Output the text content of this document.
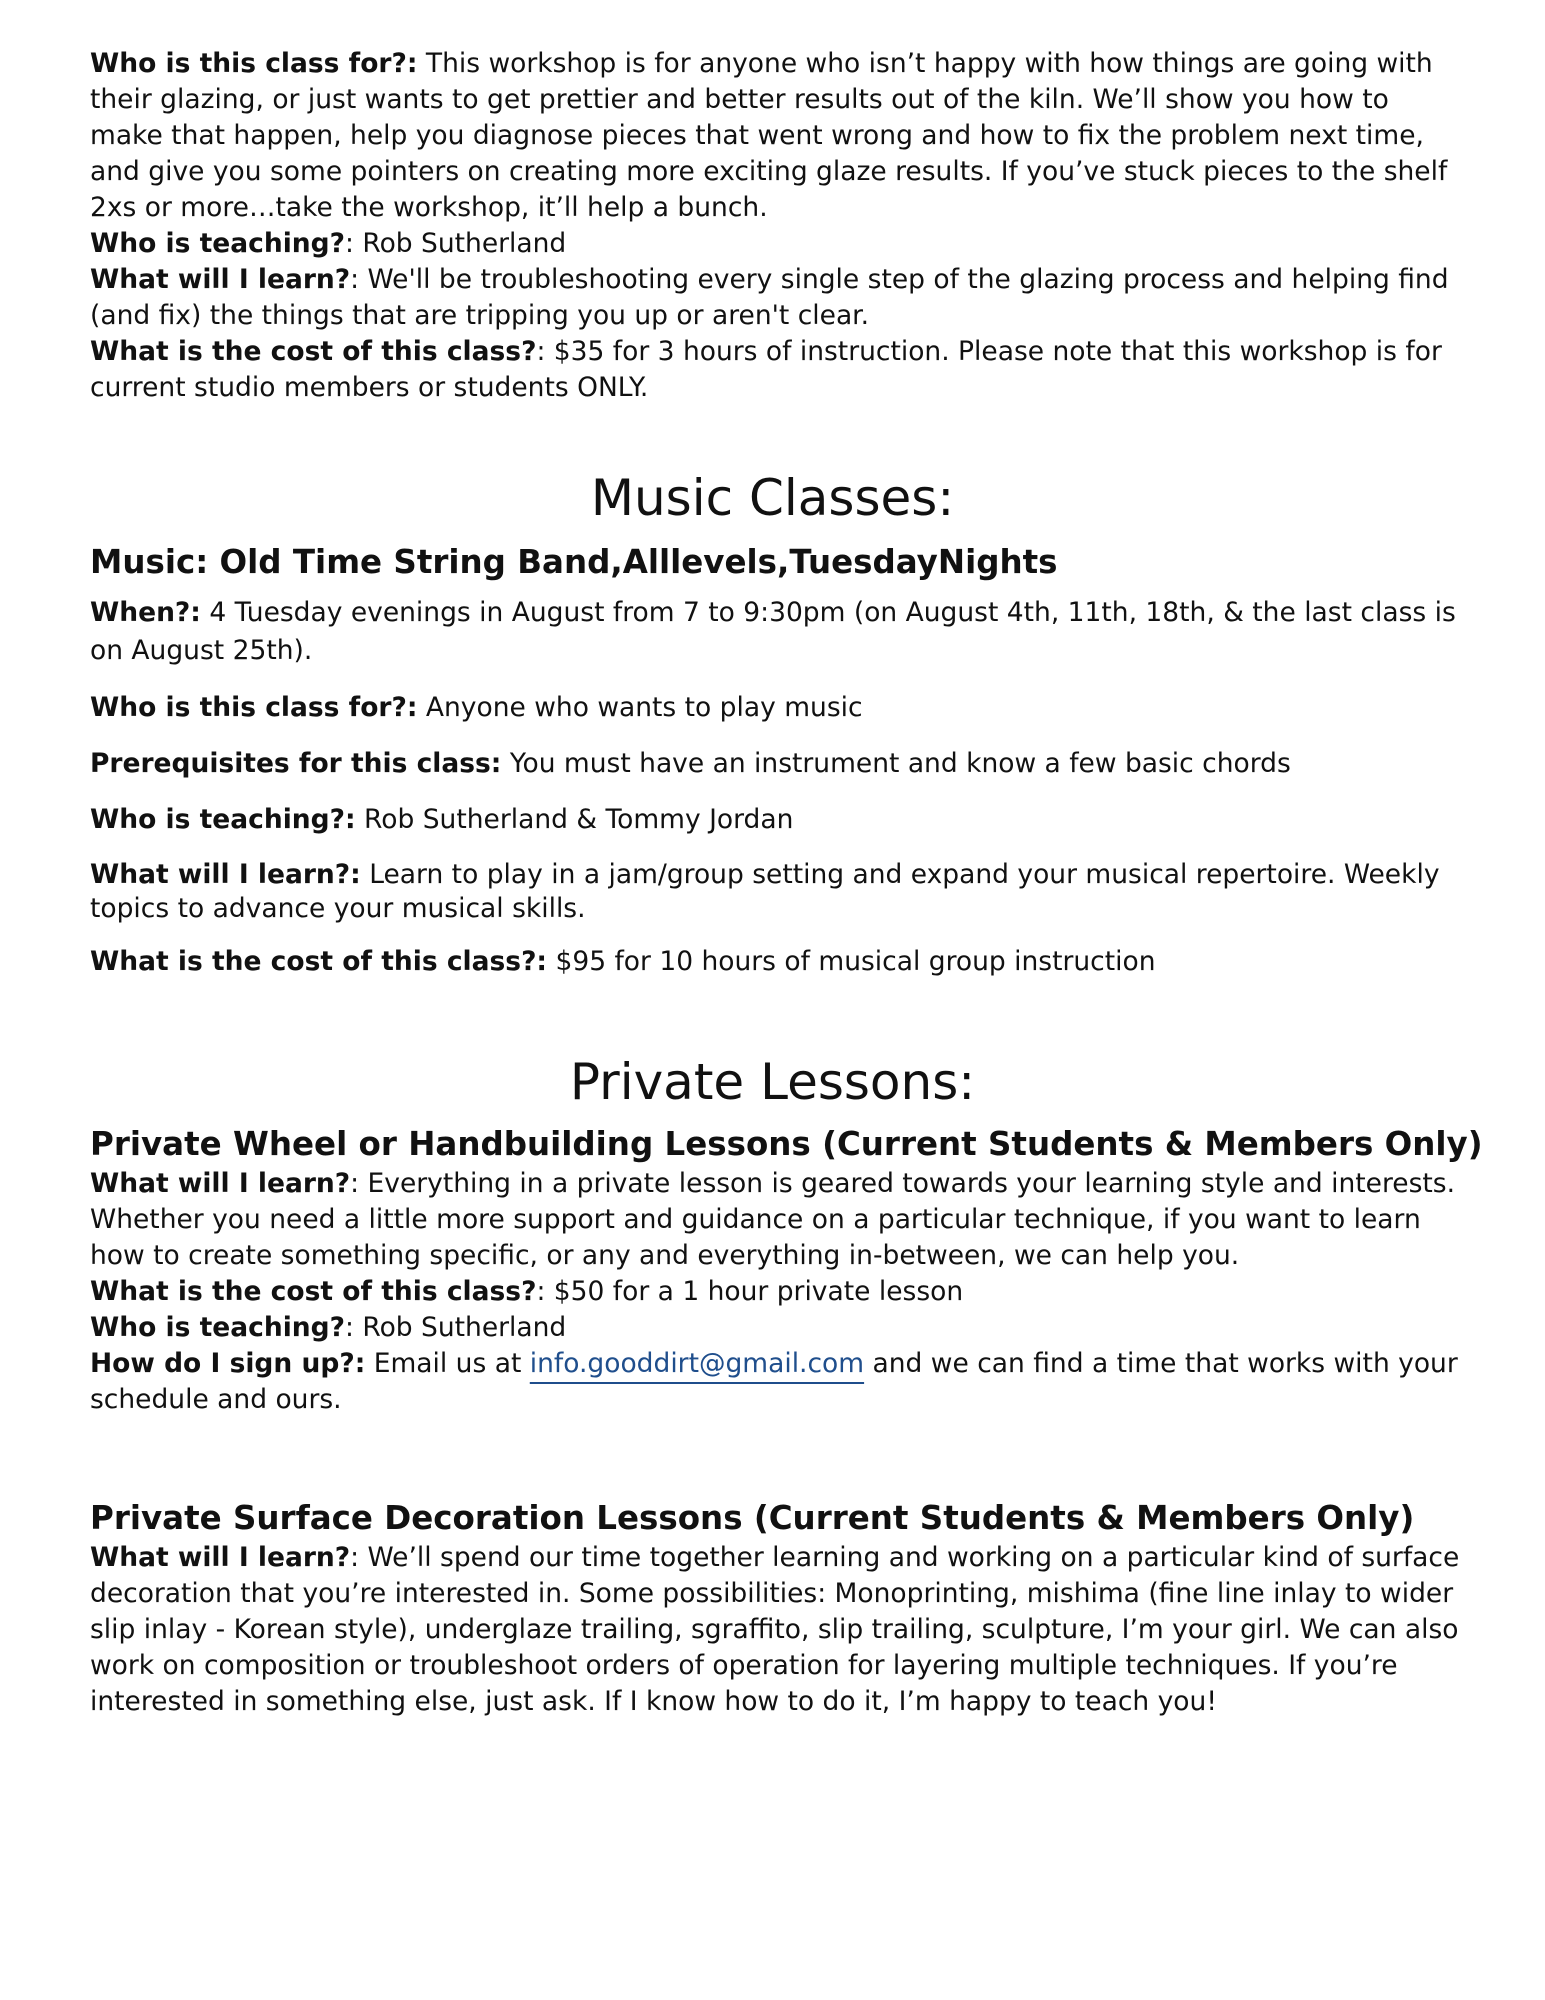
Who is this class for?: This workshop is for anyone who isn’t happy with how things are going with their glazing, or just wants to get prettier and better results out of the kiln. We’ll show you how to make that happen, help you diagnose pieces that went wrong and how to fix the problem next time, and give you some pointers on creating more exciting glaze results. If you’ve stuck pieces to the shelf 2xs or more…take the workshop, it’ll help a bunch.

Who is teaching?: Rob Sutherland

What will I learn?: We'll be troubleshooting every single step of the glazing process and helping find (and fix) the things that are tripping you up or aren't clear.

What is the cost of this class?: $35 for 3 hours of instruction. Please note that this workshop is for current studio members or students ONLY.

Music Classes:
Music: Old Time String Band,Alllevels,TuesdayNights

When?: 4 Tuesday evenings in August from 7 to 9:30pm (on August 4th, 11th, 18th, & the last class is on August 25th).

Who is this class for?: Anyone who wants to play music

Prerequisites for this class: You must have an instrument and know a few basic chords

Who is teaching?: Rob Sutherland & Tommy Jordan

What will I learn?: Learn to play in a jam/group setting and expand your musical repertoire. Weekly topics to advance your musical skills.

What is the cost of this class?: $95 for 10 hours of musical group instruction

Private Lessons:
Private Wheel or Handbuilding Lessons (Current Students & Members Only)

What will I learn?: Everything in a private lesson is geared towards your learning style and interests. Whether you need a little more support and guidance on a particular technique, if you want to learn how to create something specific, or any and everything in-between, we can help you.

What is the cost of this class?: $50 for a 1 hour private lesson

Who is teaching?: Rob Sutherland

How do I sign up?: Email us at info.gooddirt@gmail.com and we can find a time that works with your schedule and ours.

Private Surface Decoration Lessons (Current Students & Members Only)

What will I learn?: We’ll spend our time together learning and working on a particular kind of surface decoration that you’re interested in. Some possibilities: Monoprinting, mishima (fine line inlay to wider slip inlay - Korean style), underglaze trailing, sgraffito, slip trailing, sculpture, I’m your girl. We can also work on composition or troubleshoot orders of operation for layering multiple techniques. If you’re interested in something else, just ask. If I know how to do it, I’m happy to teach you!
